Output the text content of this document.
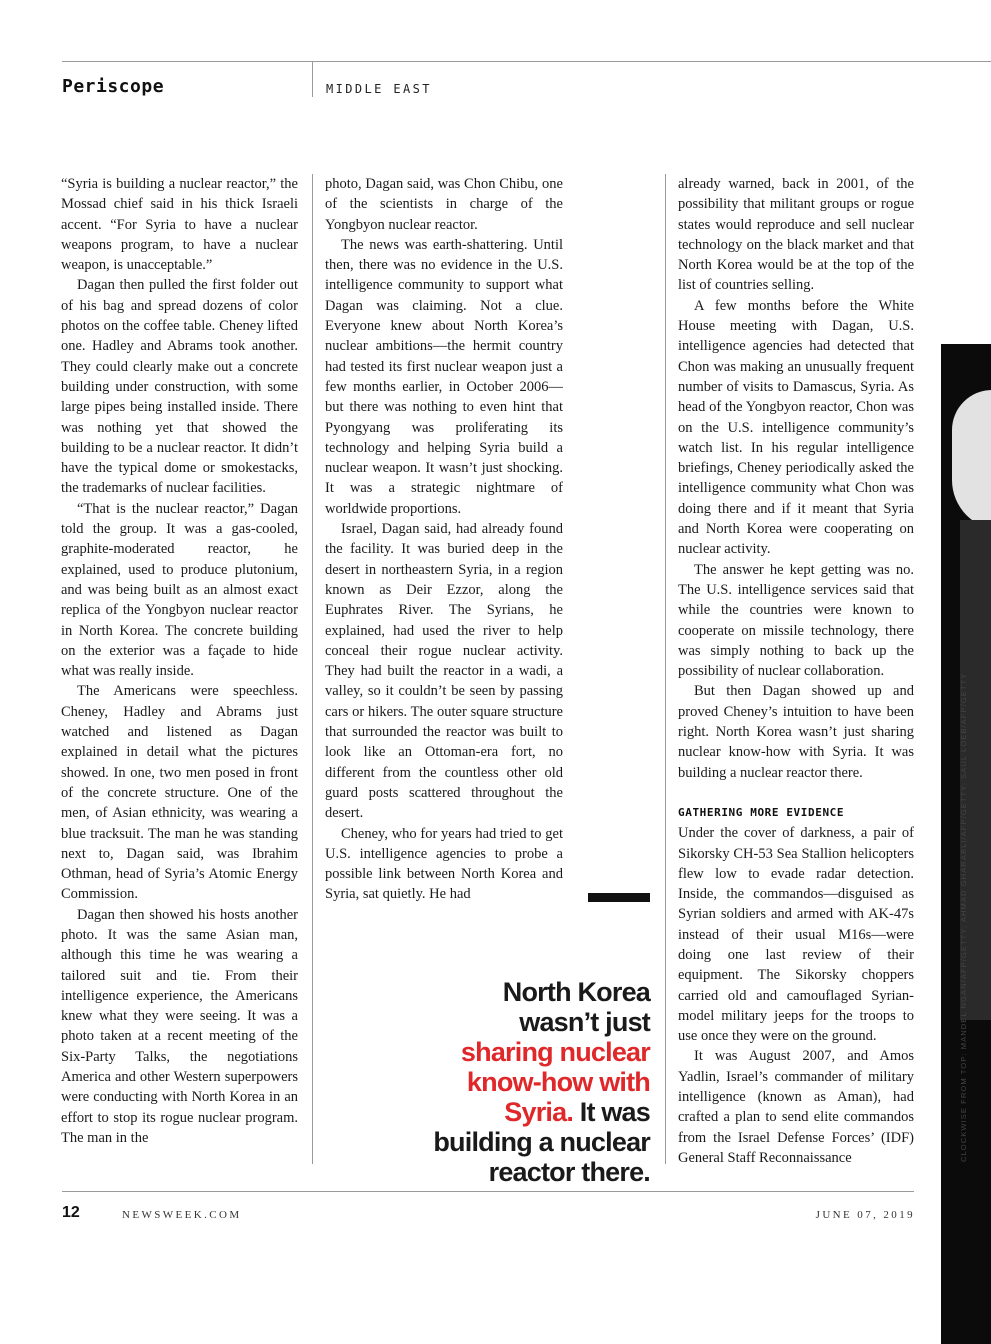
Periscope	MIDDLE EAST

“Syria is building a nuclear reactor,” the Mossad chief said in his thick Israeli accent. “For Syria to have a nuclear weapons program, to have a nuclear weapon, is unacceptable.”

Dagan then pulled the first folder out of his bag and spread dozens of color photos on the coffee table. Cheney lifted one. Hadley and Abrams took another. They could clearly make out a concrete building under construction, with some large pipes being installed inside. There was nothing yet that showed the building to be a nuclear reactor. It didn’t have the typical dome or smokestacks, the trademarks of nuclear facilities.

“That is the nuclear reactor,” Dagan told the group. It was a gas-cooled, graphite-moderated reactor, he explained, used to produce plutonium, and was being built as an almost exact replica of the Yongbyon nuclear reactor in North Korea. The concrete building on the exterior was a façade to hide what was really inside.

The Americans were speechless. Cheney, Hadley and Abrams just watched and listened as Dagan explained in detail what the pictures showed. In one, two men posed in front of the concrete structure. One of the men, of Asian ethnicity, was wearing a blue tracksuit. The man he was standing next to, Dagan said, was Ibrahim Othman, head of Syria’s Atomic Energy Commission.

Dagan then showed his hosts another photo. It was the same Asian man, although this time he was wearing a tailored suit and tie. From their intelligence experience, the Americans knew what they were seeing. It was a photo taken at a recent meeting of the Six-Party Talks, the negotiations America and other Western superpowers were conducting with North Korea in an effort to stop its rogue nuclear program. The man in the

photo, Dagan said, was Chon Chibu, one of the scientists in charge of the Yongbyon nuclear reactor.

The news was earth-shattering. Until then, there was no evidence in the U.S. intelligence community to support what Dagan was claiming. Not a clue. Everyone knew about North Korea’s nuclear ambitions—the hermit country had tested its first nuclear weapon just a few months earlier, in October 2006—but there was nothing to even hint that Pyongyang was proliferating its technology and helping Syria build a nuclear weapon. It wasn’t just shocking. It was a strategic nightmare of worldwide proportions.

Israel, Dagan said, had already found the facility. It was buried deep in the desert in northeastern Syria, in a region known as Deir Ezzor, along the Euphrates River. The Syrians, he explained, had used the river to help conceal their rogue nuclear activity. They had built the reactor in a wadi, a valley, so it couldn’t be seen by passing cars or hikers. The outer square structure that surrounded the reactor was built to look like an Ottoman-era fort, no different from the countless other old guard posts scattered throughout the desert.

Cheney, who for years had tried to get U.S. intelligence agencies to probe a possible link between North Korea and Syria, sat quietly. He had

North Korea
wasn’t just
sharing nuclear
know-how with
Syria. It was
building a nuclear
reactor there.

already warned, back in 2001, of the possibility that militant groups or rogue states would reproduce and sell nuclear technology on the black market and that North Korea would be at the top of the list of countries selling.

A few months before the White House meeting with Dagan, U.S. intelligence agencies had detected that Chon was making an unusually frequent number of visits to Damascus, Syria. As head of the Yongbyon reactor, Chon was on the U.S. intelligence community’s watch list. In his regular intelligence briefings, Cheney periodically asked the intelligence community what Chon was doing there and if it meant that Syria and North Korea were cooperating on nuclear activity.

The answer he kept getting was no. The U.S. intelligence services said that while the countries were known to cooperate on missile technology, there was simply nothing to back up the possibility of nuclear collaboration.

But then Dagan showed up and proved Cheney’s intuition to have been right. North Korea wasn’t just sharing nuclear know-how with Syria. It was building a nuclear reactor there.

GATHERING MORE EVIDENCE

Under the cover of darkness, a pair of Sikorsky CH-53 Sea Stallion helicopters flew low to evade radar detection. Inside, the commandos—disguised as Syrian soldiers and armed with AK-47s instead of their usual M16s—were doing one last review of their equipment. The Sikorsky choppers carried old and camouflaged Syrian-model military jeeps for the troops to use once they were on the ground.

It was August 2007, and Amos Yadlin, Israel’s commander of military intelligence (known as Aman), had crafted a plan to send elite commandos from the Israel Defense Forces’ (IDF) General Staff Reconnaissance	CLOCKWISE FROM TOP: MANDEL NGAN/AFP/GETTY; AHMAD GHARABLI/AFP/GETTY; SAUL LOEB/AFP/GETTY
12	NEWSWEEK.COM	JUNE 07, 2019
